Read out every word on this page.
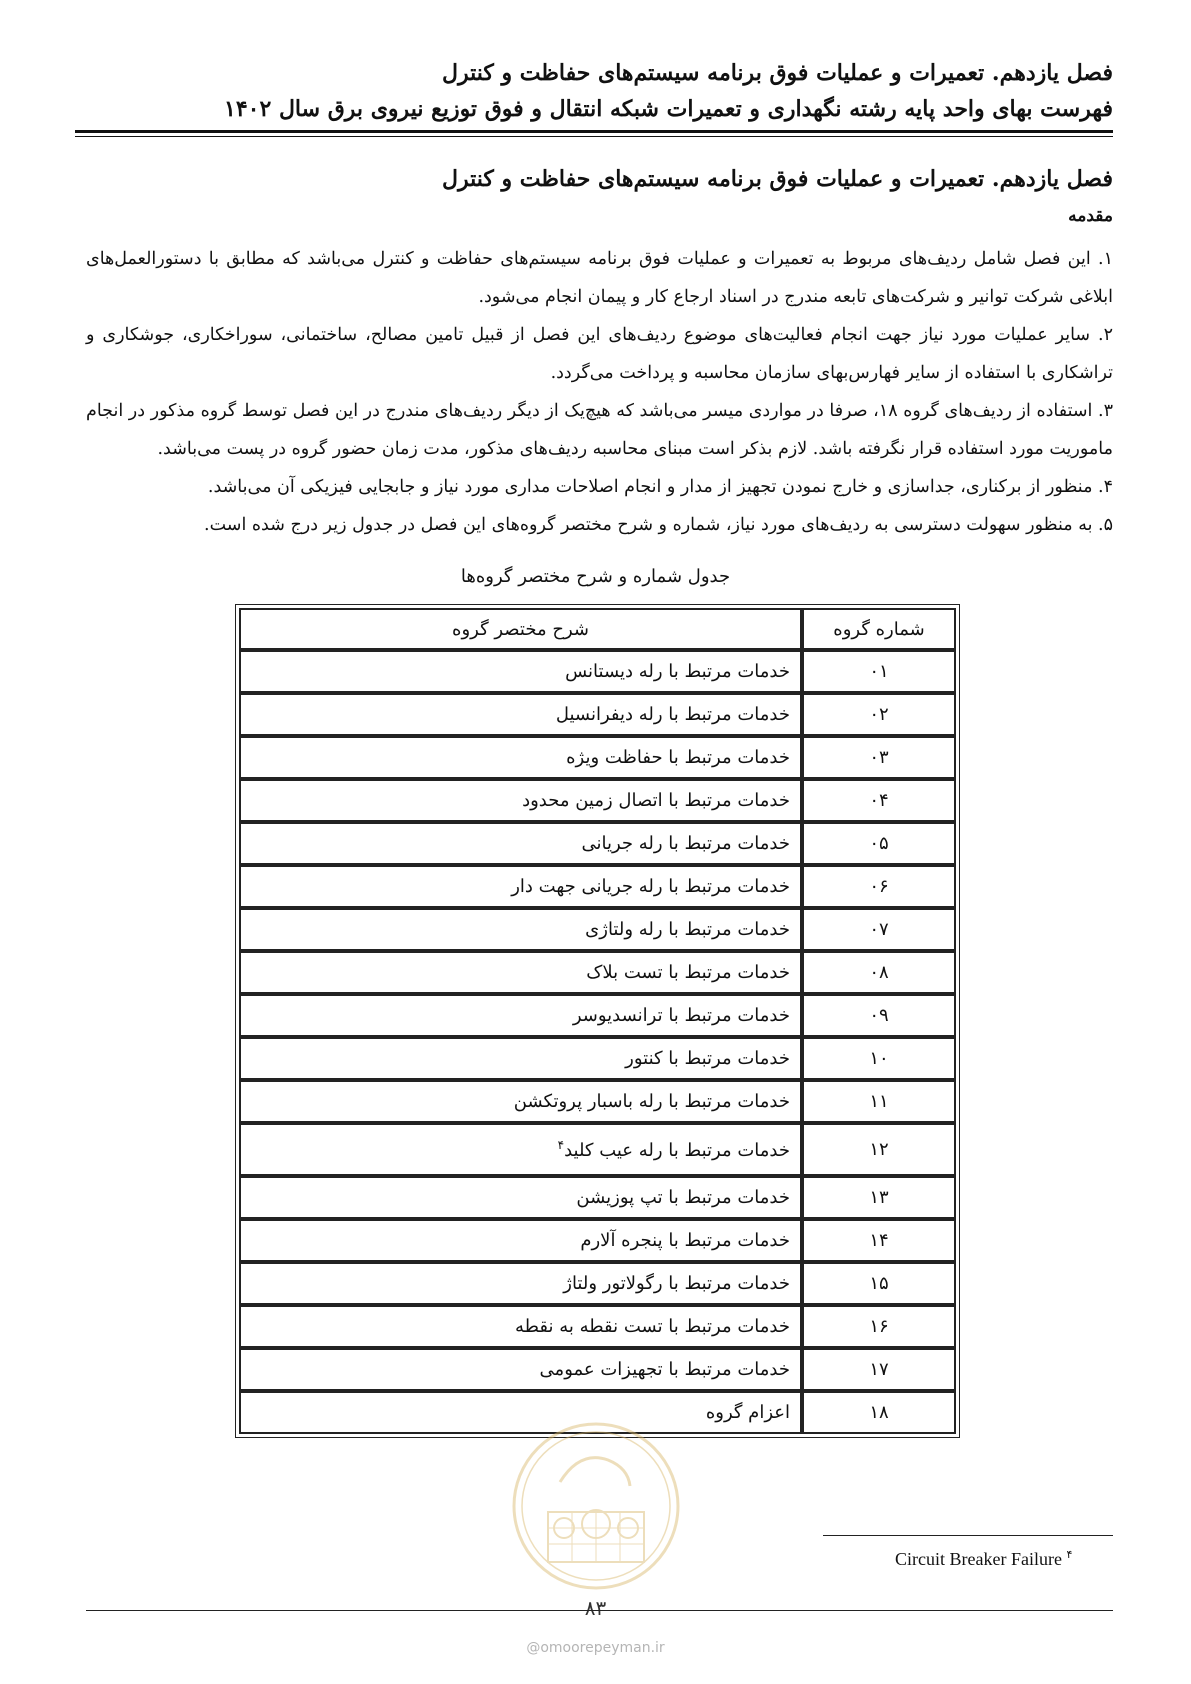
فصل یازدهم. تعمیرات و عملیات فوق برنامه سیستم‌های حفاظت و کنترل
فهرست بهای واحد پایه رشته نگهداری و تعمیرات شبکه انتقال و فوق توزیع نیروی برق سال ۱۴۰۲
فصل یازدهم. تعمیرات و عملیات فوق برنامه سیستم‌های حفاظت و کنترل
مقدمه

۱. این فصل شامل ردیف‌های مربوط به تعمیرات و عملیات فوق برنامه سیستم‌های حفاظت و کنترل می‌باشد که مطابق با دستورالعمل‌های ابلاغی شرکت توانیر و شرکت‌های تابعه مندرج در اسناد ارجاع کار و پیمان انجام می‌شود.

۲. سایر عملیات مورد نیاز جهت انجام فعالیت‌های موضوع ردیف‌های این فصل از قبیل تامین مصالح، ساختمانی، سوراخکاری، جوشکاری و تراشکاری با استفاده از سایر فهارس‌بهای سازمان محاسبه و پرداخت می‌گردد.

۳. استفاده از ردیف‌های گروه ۱۸، صرفا در مواردی میسر می‌باشد که هیچ‌یک از دیگر ردیف‌های مندرج در این فصل توسط گروه مذکور در انجام ماموریت مورد استفاده قرار نگرفته باشد. لازم بذکر است مبنای محاسبه ردیف‌های مذکور، مدت زمان حضور گروه در پست می‌باشد.

۴. منظور از برکناری، جداسازی و خارج نمودن تجهیز از مدار و انجام اصلاحات مداری مورد نیاز و جابجایی فیزیکی آن می‌باشد.

۵. به منظور سهولت دسترسی به ردیف‌های مورد نیاز، شماره و شرح مختصر گروه‌های این فصل در جدول زیر درج شده است.

جدول شماره و شرح مختصر گروه‌ها
شماره گروه	شرح مختصر گروه
۰۱	خدمات مرتبط با رله دیستانس
۰۲	خدمات مرتبط با رله دیفرانسیل
۰۳	خدمات مرتبط با حفاظت ویژه
۰۴	خدمات مرتبط با اتصال زمین محدود
۰۵	خدمات مرتبط با رله جریانی
۰۶	خدمات مرتبط با رله جریانی جهت دار
۰۷	خدمات مرتبط با رله ولتاژی
۰۸	خدمات مرتبط با تست بلاک
۰۹	خدمات مرتبط با ترانسدیوسر
۱۰	خدمات مرتبط با کنتور
۱۱	خدمات مرتبط با رله باسبار پروتکشن
۱۲	خدمات مرتبط با رله عیب کلید$^۴$
۱۳	خدمات مرتبط با تپ پوزیشن
۱۴	خدمات مرتبط با پنجره آلارم
۱۵	خدمات مرتبط با رگولاتور ولتاژ
۱۶	خدمات مرتبط با تست نقطه به نقطه
۱۷	خدمات مرتبط با تجهیزات عمومی
۱۸	اعزام گروه
Circuit Breaker Failure $^۴$
۸۳
@omoorepeyman.ir
